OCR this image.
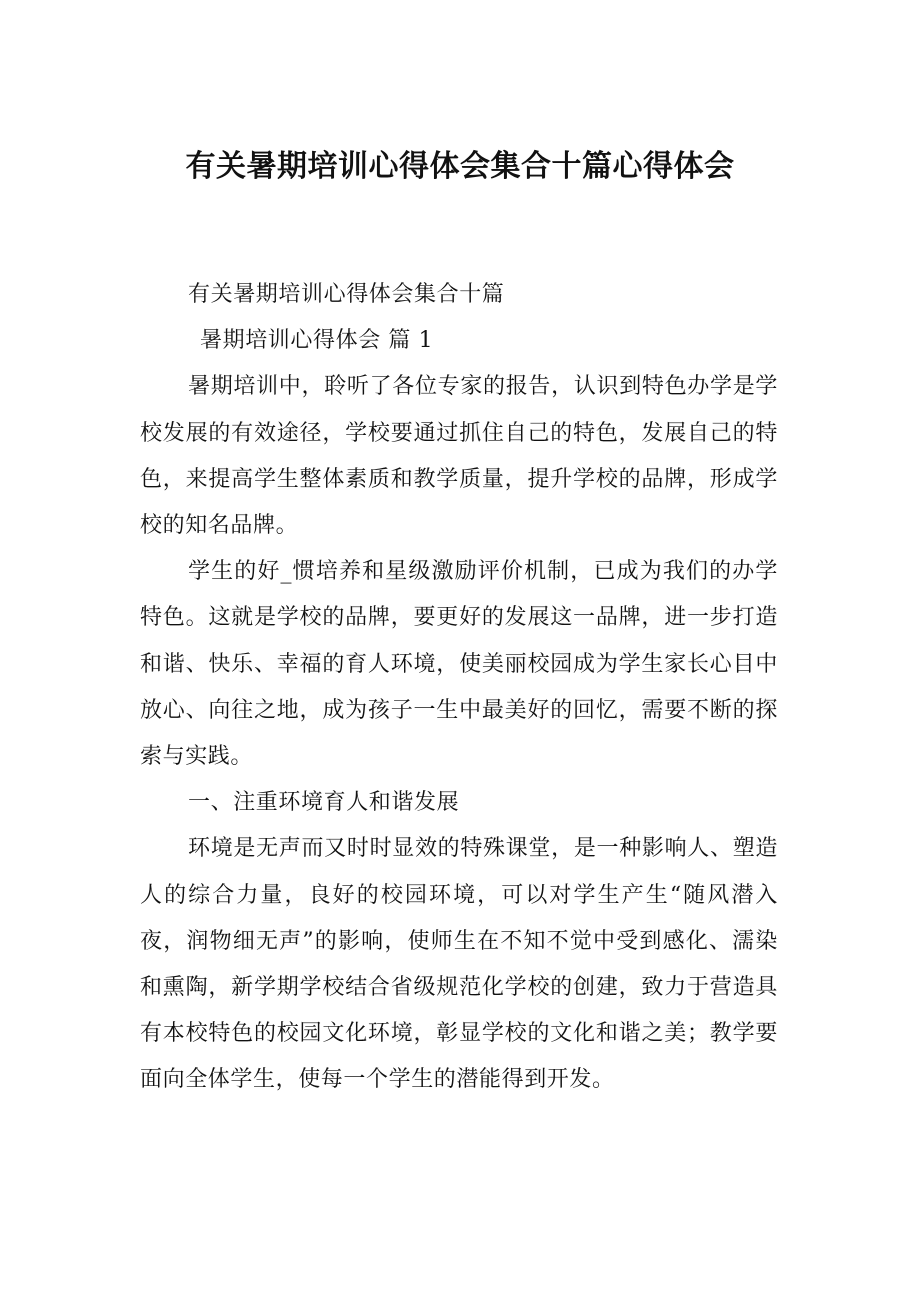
有关暑期培训心得体会集合十篇心得体会

有关暑期培训心得体会集合十篇

暑期培训心得体会 篇 1

暑期培训中，聆听了各位专家的报告，认识到特色办学是学校发展的有效途径，学校要通过抓住自己的特色，发展自己的特色，来提高学生整体素质和教学质量，提升学校的品牌，形成学校的知名品牌。

学生的好_惯培养和星级激励评价机制，已成为我们的办学特色。这就是学校的品牌，要更好的发展这一品牌，进一步打造和谐、快乐、幸福的育人环境，使美丽校园成为学生家长心目中放心、向往之地，成为孩子一生中最美好的回忆，需要不断的探索与实践。

一、注重环境育人和谐发展

环境是无声而又时时显效的特殊课堂，是一种影响人、塑造人的综合力量，良好的校园环境，可以对学生产生“随风潜入夜，润物细无声”的影响，使师生在不知不觉中受到感化、濡染和熏陶，新学期学校结合省级规范化学校的创建，致力于营造具有本校特色的校园文化环境，彰显学校的文化和谐之美；教学要面向全体学生，使每一个学生的潜能得到开发。
